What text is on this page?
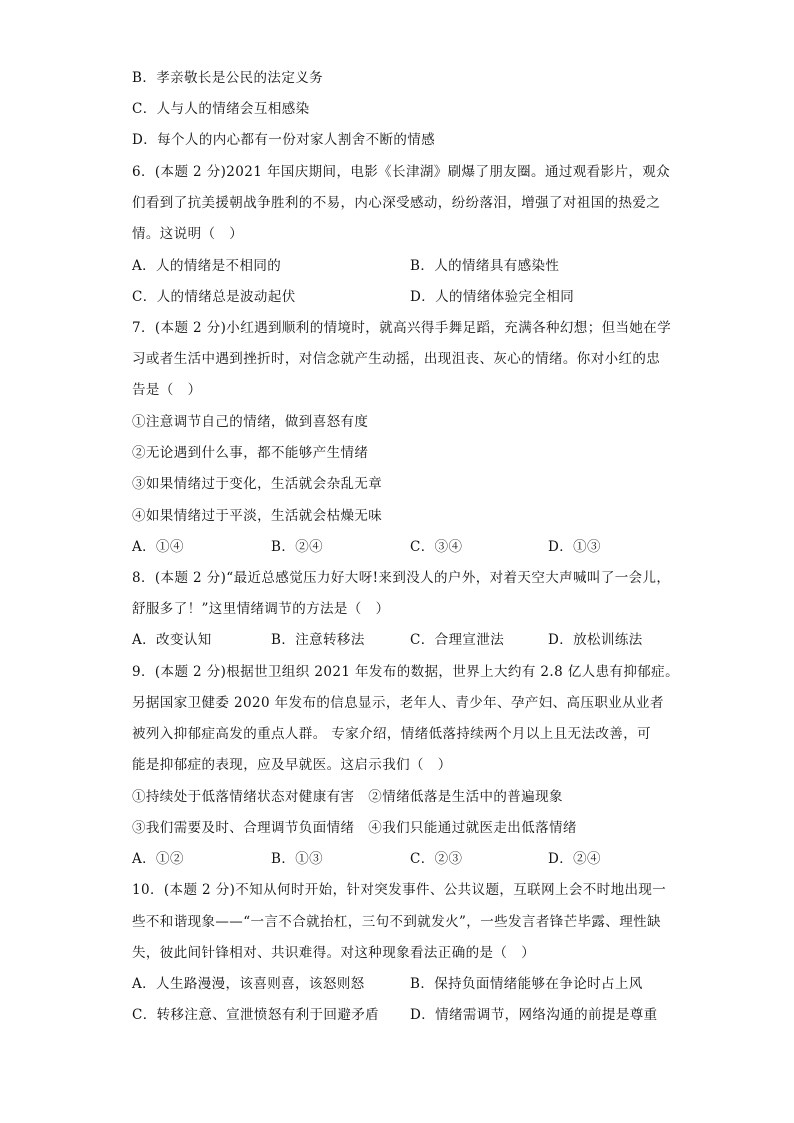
B．孝亲敬长是公民的法定义务
C．人与人的情绪会互相感染
D．每个人的内心都有一份对家人割舍不断的情感
6．(本题 2 分)2021 年国庆期间，电影《长津湖》刷爆了朋友圈。通过观看影片，观众
们看到了抗美援朝战争胜利的不易，内心深受感动，纷纷落泪，增强了对祖国的热爱之
情。这说明（　）
A．人的情绪是不相同的	B．人的情绪具有感染性
C．人的情绪总是波动起伏	D．人的情绪体验完全相同
7．(本题 2 分)小红遇到顺利的情境时，就高兴得手舞足蹈，充满各种幻想；但当她在学
习或者生活中遇到挫折时，对信念就产生动摇，出现沮丧、灰心的情绪。你对小红的忠
告是（　）
①注意调节自己的情绪，做到喜怒有度
②无论遇到什么事，都不能够产生情绪
③如果情绪过于变化，生活就会杂乱无章
④如果情绪过于平淡，生活就会枯燥无味
A．①④	B．②④	C．③④	D．①③
8．(本题 2 分)“最近总感觉压力好大呀!来到没人的户外，对着天空大声喊叫了一会儿，
舒服多了！”这里情绪调节的方法是（　）
A．改变认知	B．注意转移法	C．合理宣泄法	D．放松训练法
9．(本题 2 分)根据世卫组织 2021 年发布的数据，世界上大约有 2.8 亿人患有抑郁症。
另据国家卫健委 2020 年发布的信息显示，老年人、青少年、孕产妇、高压职业从业者
被列入抑郁症高发的重点人群。 专家介绍，情绪低落持续两个月以上且无法改善，可
能是抑郁症的表现，应及早就医。这启示我们（　）
①持续处于低落情绪状态对健康有害　②情绪低落是生活中的普遍现象
③我们需要及时、合理调节负面情绪　④我们只能通过就医走出低落情绪
A．①②	B．①③	C．②③	D．②④
10．(本题 2 分)不知从何时开始，针对突发事件、公共议题，互联网上会不时地出现一
些不和谐现象——“一言不合就抬杠，三句不到就发火”，一些发言者锋芒毕露、理性缺
失，彼此间针锋相对、共识难得。对这种现象看法正确的是（　）
A．人生路漫漫，该喜则喜，该怒则怒	B．保持负面情绪能够在争论时占上风
C．转移注意、宣泄愤怒有利于回避矛盾 D．情绪需调节，网络沟通的前提是尊重
